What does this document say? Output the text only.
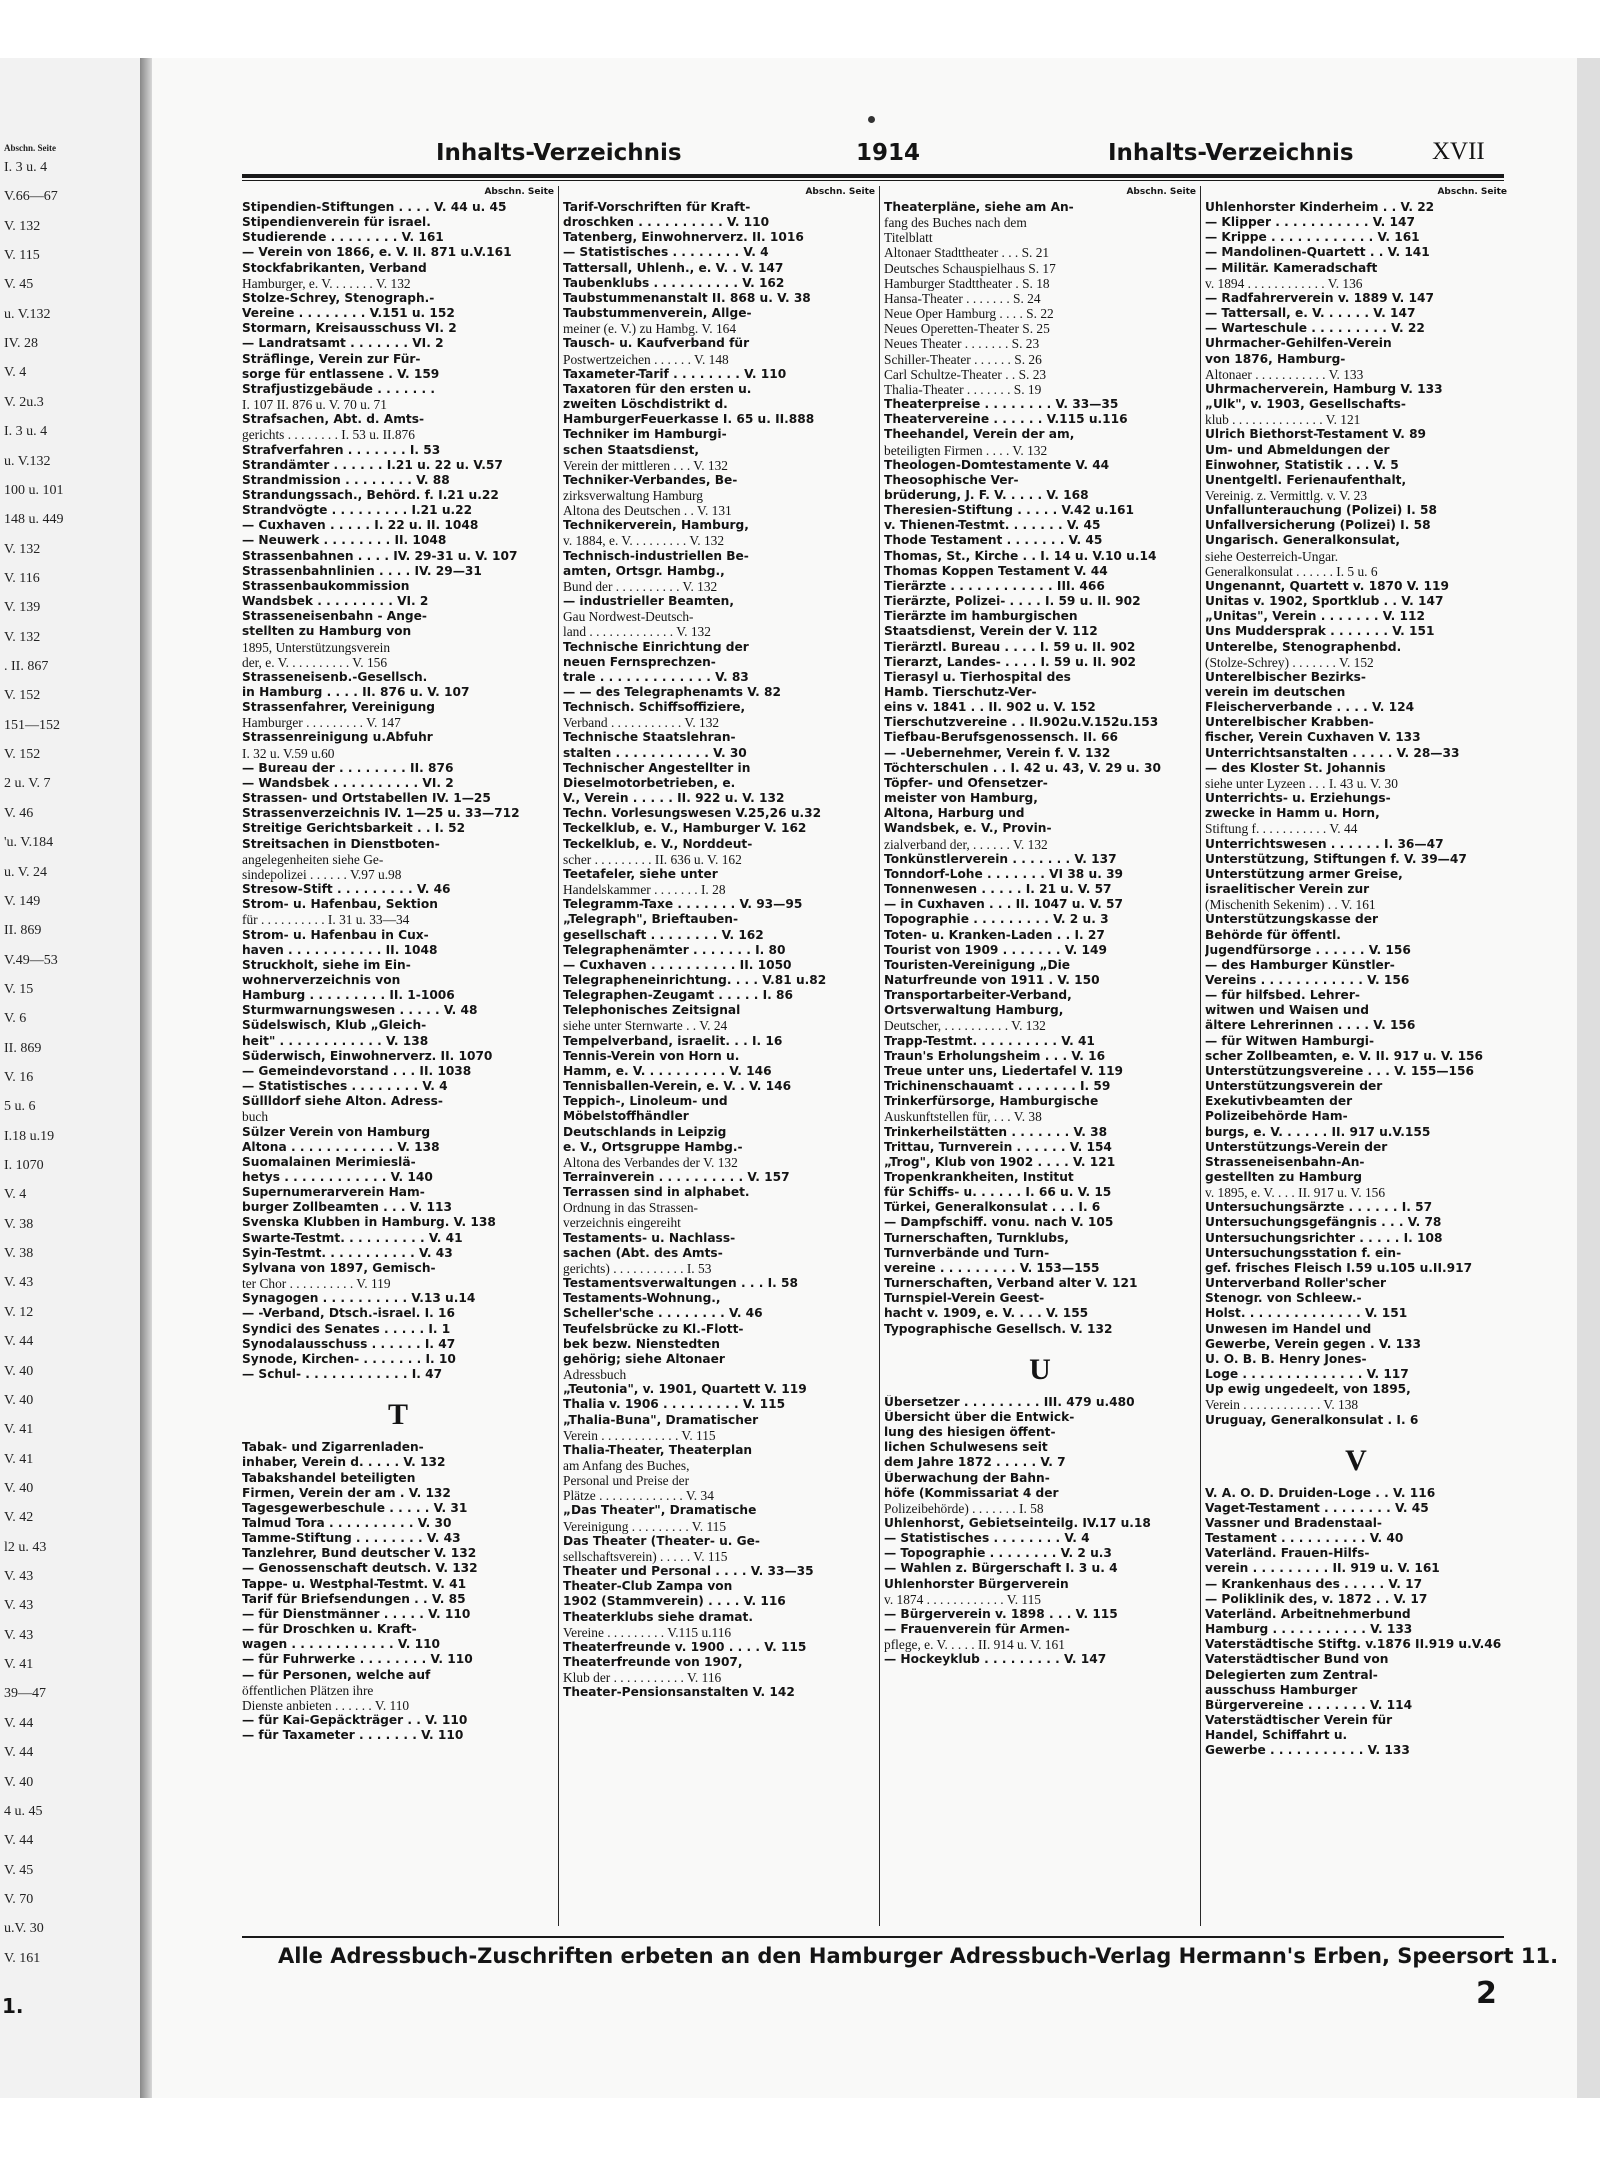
Abschn. Seite
I. 3 u. 4
V.66—67
V. 132
V. 115
V. 45
u. V.132
IV. 28
V. 4
V. 2u.3
I. 3 u. 4
u. V.132
100 u. 101
148 u. 449
V. 132
V. 116
V. 139
V. 132
. II. 867
V. 152
151—152
V. 152
2 u. V. 7
V. 46
'u. V.184
u. V. 24
V. 149
II. 869
V.49—53
V. 15
V. 6
II. 869
V. 16
5 u. 6
I.18 u.19
I. 1070
V. 4
V. 38
V. 38
V. 43
V. 12
V. 44
V. 40
V. 40
V. 41
V. 41
V. 40
V. 42
l2 u. 43
V. 43
V. 43
V. 43
V. 41
39—47
V. 44
V. 44
V. 40
4 u. 45
V. 44
V. 45
V. 70
u.V. 30
V. 161
1.
Inhalts-Verzeichnis	1914	Inhalts-Verzeichnis	XVII
Abschn. Seite
Stipendien-Stiftungen . . . . V. 44 u. 45
Stipendienverein für israel.
Studierende . . . . . . . . V. 161
— Verein von 1866, e. V. II. 871 u.V.161
Stockfabrikanten, Verband
Hamburger, e. V. . . . . . . V. 132
Stolze-Schrey, Stenograph.-
Vereine . . . . . . . . V.151 u. 152
Stormarn, Kreisausschuss VI. 2
— Landratsamt . . . . . . . VI. 2
Sträflinge, Verein zur Für-
sorge für entlassene . V. 159
Strafjustizgebäude . . . . . . .
I. 107 II. 876 u. V. 70 u. 71
Strafsachen, Abt. d. Amts-
gerichts . . . . . . . . I. 53 u. II.876
Strafverfahren . . . . . . . I. 53
Strandämter . . . . . . I.21 u. 22 u. V.57
Strandmission . . . . . . . . V. 88
Strandungssach., Behörd. f. I.21 u.22
Strandvögte . . . . . . . . . I.21 u.22
— Cuxhaven . . . . . I. 22 u. II. 1048
— Neuwerk . . . . . . . . II. 1048
Strassenbahnen . . . . IV. 29-31 u. V. 107
Strassenbahnlinien . . . . IV. 29—31
Strassenbaukommission
Wandsbek . . . . . . . . . VI. 2
Strasseneisenbahn - Ange-
stellten zu Hamburg von
1895, Unterstützungsverein
der, e. V. . . . . . . . . . V. 156
Strasseneisenb.-Gesellsch.
in Hamburg . . . . II. 876 u. V. 107
Strassenfahrer, Vereinigung
Hamburger . . . . . . . . . V. 147
Strassenreinigung u.Abfuhr
I. 32 u. V.59 u.60
— Bureau der . . . . . . . . II. 876
— Wandsbek . . . . . . . . . . VI. 2
Strassen- und Ortstabellen IV. 1—25
Strassenverzeichnis IV. 1—25 u. 33—712
Streitige Gerichtsbarkeit . . I. 52
Streitsachen in Dienstboten-
angelegenheiten siehe Ge-
sindepolizei . . . . . . V.97 u.98
Stresow-Stift . . . . . . . . . V. 46
Strom- u. Hafenbau, Sektion
für . . . . . . . . . . I. 31 u. 33—34
Strom- u. Hafenbau in Cux-
haven . . . . . . . . . . . II. 1048
Struckholt, siehe im Ein-
wohnerverzeichnis von
Hamburg . . . . . . . . . II. 1-1006
Sturmwarnungswesen . . . . . V. 48
Südelswisch, Klub „Gleich-
heit" . . . . . . . . . . . . V. 138
Süderwisch, Einwohnerverz. II. 1070
— Gemeindevorstand . . . II. 1038
— Statistisches . . . . . . . . V. 4
Süllldorf siehe Alton. Adress-
buch
Sülzer Verein von Hamburg
Altona . . . . . . . . . . . . V. 138
Suomalainen Merimieslä-
hetys . . . . . . . . . . . . V. 140
Supernumerarverein Ham-
burger Zollbeamten . . . V. 113
Svenska Klubben in Hamburg. V. 138
Swarte-Testmt. . . . . . . . . . V. 41
Syin-Testmt. . . . . . . . . . . V. 43
Sylvana von 1897, Gemisch-
ter Chor . . . . . . . . . . V. 119
Synagogen . . . . . . . . . . V.13 u.14
— -Verband, Dtsch.-israel. I. 16
Syndici des Senates . . . . . I. 1
Synodalausschuss . . . . . . I. 47
Synode, Kirchen- . . . . . . . I. 10
— Schul- . . . . . . . . . . . . I. 47
T
Tabak- und Zigarrenladen-
inhaber, Verein d. . . . . V. 132
Tabakshandel beteiligten
Firmen, Verein der am . V. 132
Tagesgewerbeschule . . . . . V. 31
Talmud Tora . . . . . . . . . . V. 30
Tamme-Stiftung . . . . . . . . V. 43
Tanzlehrer, Bund deutscher V. 132
— Genossenschaft deutsch. V. 132
Tappe- u. Westphal-Testmt. V. 41
Tarif für Briefsendungen . . V. 85
— für Dienstmänner . . . . . V. 110
— für Droschken u. Kraft-
wagen . . . . . . . . . . . . V. 110
— für Fuhrwerke . . . . . . . . V. 110
— für Personen, welche auf
öffentlichen Plätzen ihre
Dienste anbieten . . . . . . V. 110
— für Kai-Gepäckträger . . V. 110
— für Taxameter . . . . . . . V. 110
Abschn. Seite
Tarif-Vorschriften für Kraft-
droschken . . . . . . . . . . V. 110
Tatenberg, Einwohnerverz. II. 1016
— Statistisches . . . . . . . . V. 4
Tattersall, Uhlenh., e. V. . V. 147
Taubenklubs . . . . . . . . . . V. 162
Taubstummenanstalt II. 868 u. V. 38
Taubstummenverein, Allge-
meiner (e. V.) zu Hambg. V. 164
Tausch- u. Kaufverband für
Postwertzeichen . . . . . . V. 148
Taxameter-Tarif . . . . . . . . V. 110
Taxatoren für den ersten u.
zweiten Löschdistrikt d.
HamburgerFeuerkasse I. 65 u. II.888
Techniker im Hamburgi-
schen Staatsdienst,
Verein der mittleren . . . V. 132
Techniker-Verbandes, Be-
zirksverwaltung Hamburg
Altona des Deutschen . . V. 131
Technikerverein, Hamburg,
v. 1884, e. V. . . . . . . . . V. 132
Technisch-industriellen Be-
amten, Ortsgr. Hambg.,
Bund der . . . . . . . . . . V. 132
— industrieller Beamten,
Gau Nordwest-Deutsch-
land . . . . . . . . . . . . . V. 132
Technische Einrichtung der
neuen Fernsprechzen-
trale . . . . . . . . . . . . . V. 83
— — des Telegraphenamts V. 82
Technisch. Schiffsoffiziere,
Verband . . . . . . . . . . . V. 132
Technische Staatslehran-
stalten . . . . . . . . . . . V. 30
Technischer Angestellter in
Dieselmotorbetrieben, e.
V., Verein . . . . . II. 922 u. V. 132
Techn. Vorlesungswesen V.25,26 u.32
Teckelklub, e. V., Hamburger V. 162
Teckelklub, e. V., Norddeut-
scher . . . . . . . . . II. 636 u. V. 162
Teetafeler, siehe unter
Handelskammer . . . . . . . I. 28
Telegramm-Taxe . . . . . . . V. 93—95
„Telegraph", Brieftauben-
gesellschaft . . . . . . . . V. 162
Telegraphenämter . . . . . . . I. 80
— Cuxhaven . . . . . . . . . . II. 1050
Telegrapheneinrichtung. . . . V.81 u.82
Telegraphen-Zeugamt . . . . . I. 86
Telephonisches Zeitsignal
siehe unter Sternwarte . . V. 24
Tempelverband, israelit. . . I. 16
Tennis-Verein von Horn u.
Hamm, e. V. . . . . . . . . . V. 146
Tennisballen-Verein, e. V. . V. 146
Teppich-, Linoleum- und
Möbelstoffhändler
Deutschlands in Leipzig
e. V., Ortsgruppe Hambg.-
Altona des Verbandes der V. 132
Terrainverein . . . . . . . . . . V. 157
Terrassen sind in alphabet.
Ordnung in das Strassen-
verzeichnis eingereiht
Testaments- u. Nachlass-
sachen (Abt. des Amts-
gerichts) . . . . . . . . . . . I. 53
Testamentsverwaltungen . . . I. 58
Testaments-Wohnung.,
Scheller'sche . . . . . . . . V. 46
Teufelsbrücke zu Kl.-Flott-
bek bezw. Nienstedten
gehörig; siehe Altonaer
Adressbuch
„Teutonia", v. 1901, Quartett V. 119
Thalia v. 1906 . . . . . . . . . V. 115
„Thalia-Buna", Dramatischer
Verein . . . . . . . . . . . . V. 115
Thalia-Theater, Theaterplan
am Anfang des Buches,
Personal und Preise der
Plätze . . . . . . . . . . . . . V. 34
„Das Theater", Dramatische
Vereinigung . . . . . . . . . V. 115
Das Theater (Theater- u. Ge-
sellschaftsverein) . . . . . V. 115
Theater und Personal . . . . V. 33—35
Theater-Club Zampa von
1902 (Stammverein) . . . . V. 116
Theaterklubs siehe dramat.
Vereine . . . . . . . . . V.115 u.116
Theaterfreunde v. 1900 . . . . V. 115
Theaterfreunde von 1907,
Klub der . . . . . . . . . . . V. 116
Theater-Pensionsanstalten V. 142
Abschn. Seite
Theaterpläne, siehe am An-
fang des Buches nach dem
Titelblatt
Altonaer Stadttheater . . . S. 21
Deutsches Schauspielhaus S. 17
Hamburger Stadttheater . S. 18
Hansa-Theater . . . . . . . S. 24
Neue Oper Hamburg . . . . S. 22
Neues Operetten-Theater S. 25
Neues Theater . . . . . . . S. 23
Schiller-Theater . . . . . . S. 26
Carl Schultze-Theater . . S. 23
Thalia-Theater . . . . . . . S. 19
Theaterpreise . . . . . . . . V. 33—35
Theatervereine . . . . . . V.115 u.116
Theehandel, Verein der am,
beteiligten Firmen . . . . V. 132
Theologen-Domtestamente V. 44
Theosophische Ver-
brüderung, J. F. V. . . . . V. 168
Theresien-Stiftung . . . . . V.42 u.161
v. Thienen-Testmt. . . . . . . V. 45
Thode Testament . . . . . . . V. 45
Thomas, St., Kirche . . I. 14 u. V.10 u.14
Thomas Koppen Testament V. 44
Tierärzte . . . . . . . . . . . . III. 466
Tierärzte, Polizei- . . . . I. 59 u. II. 902
Tierärzte im hamburgischen
Staatsdienst, Verein der V. 112
Tierärztl. Bureau . . . . I. 59 u. II. 902
Tierarzt, Landes- . . . . I. 59 u. II. 902
Tierasyl u. Tierhospital des
Hamb. Tierschutz-Ver-
eins v. 1841 . . II. 902 u. V. 152
Tierschutzvereine . . II.902u.V.152u.153
Tiefbau-Berufsgenossensch. II. 66
— -Uebernehmer, Verein f. V. 132
Töchterschulen . . I. 42 u. 43, V. 29 u. 30
Töpfer- und Ofensetzer-
meister von Hamburg,
Altona, Harburg und
Wandsbek, e. V., Provin-
zialverband der, . . . . . . V. 132
Tonkünstlerverein . . . . . . . V. 137
Tonndorf-Lohe . . . . . . . VI 38 u. 39
Tonnenwesen . . . . . I. 21 u. V. 57
— in Cuxhaven . . . II. 1047 u. V. 57
Topographie . . . . . . . . . V. 2 u. 3
Toten- u. Kranken-Laden . . I. 27
Tourist von 1909 . . . . . . . V. 149
Touristen-Vereinigung „Die
Naturfreunde von 1911 . V. 150
Transportarbeiter-Verband,
Ortsverwaltung Hamburg,
Deutscher, . . . . . . . . . . V. 132
Trapp-Testmt. . . . . . . . . . V. 41
Traun's Erholungsheim . . . V. 16
Treue unter uns, Liedertafel V. 119
Trichinenschauamt . . . . . . . I. 59
Trinkerfürsorge, Hamburgische
Auskunftstellen für, . . . V. 38
Trinkerheilstätten . . . . . . . V. 38
Trittau, Turnverein . . . . . . V. 154
„Trog", Klub von 1902 . . . . V. 121
Tropenkrankheiten, Institut
für Schiffs- u. . . . . . I. 66 u. V. 15
Türkei, Generalkonsulat . . . I. 6
— Dampfschiff. vonu. nach V. 105
Turnerschaften, Turnklubs,
Turnverbände und Turn-
vereine . . . . . . . . . V. 153—155
Turnerschaften, Verband alter V. 121
Turnspiel-Verein Geest-
hacht v. 1909, e. V. . . . V. 155
Typographische Gesellsch. V. 132
U
Übersetzer . . . . . . . . . III. 479 u.480
Übersicht über die Entwick-
lung des hiesigen öffent-
lichen Schulwesens seit
dem Jahre 1872 . . . . . V. 7
Überwachung der Bahn-
höfe (Kommissariat 4 der
Polizeibehörde) . . . . . . . I. 58
Uhlenhorst, Gebietseinteilg. IV.17 u.18
— Statistisches . . . . . . . . V. 4
— Topographie . . . . . . . . V. 2 u.3
— Wahlen z. Bürgerschaft I. 3 u. 4
Uhlenhorster Bürgerverein
v. 1874 . . . . . . . . . . . . V. 115
— Bürgerverein v. 1898 . . . V. 115
— Frauenverein für Armen-
pflege, e. V. . . . . II. 914 u. V. 161
— Hockeyklub . . . . . . . . . V. 147
Abschn. Seite
Uhlenhorster Kinderheim . . V. 22
— Klipper . . . . . . . . . . . V. 147
— Krippe . . . . . . . . . . . . V. 161
— Mandolinen-Quartett . . V. 141
— Militär. Kameradschaft
v. 1894 . . . . . . . . . . . . V. 136
— Radfahrerverein v. 1889 V. 147
— Tattersall, e. V. . . . . . V. 147
— Warteschule . . . . . . . . . V. 22
Uhrmacher-Gehilfen-Verein
von 1876, Hamburg-
Altonaer . . . . . . . . . . . V. 133
Uhrmacherverein, Hamburg V. 133
„Ulk", v. 1903, Gesellschafts-
klub . . . . . . . . . . . . . . V. 121
Ulrich Biethorst-Testament V. 89
Um- und Abmeldungen der
Einwohner, Statistik . . . V. 5
Unentgeltl. Ferienaufenthalt,
Vereinig. z. Vermittlg. v. V. 23
Unfallunterauchung (Polizei) I. 58
Unfallversicherung (Polizei) I. 58
Ungarisch. Generalkonsulat,
siehe Oesterreich-Ungar.
Generalkonsulat . . . . . . I. 5 u. 6
Ungenannt, Quartett v. 1870 V. 119
Unitas v. 1902, Sportklub . . V. 147
„Unitas", Verein . . . . . . . V. 112
Uns Muddersprak . . . . . . . V. 151
Unterelbe, Stenographenbd.
(Stolze-Schrey) . . . . . . . V. 152
Unterelbischer Bezirks-
verein im deutschen
Fleischerverbande . . . . V. 124
Unterelbischer Krabben-
fischer, Verein Cuxhaven V. 133
Unterrichtsanstalten . . . . . V. 28—33
— des Kloster St. Johannis
siehe unter Lyzeen . . . I. 43 u. V. 30
Unterrichts- u. Erziehungs-
zwecke in Hamm u. Horn,
Stiftung f. . . . . . . . . . . V. 44
Unterrichtswesen . . . . . . I. 36—47
Unterstützung, Stiftungen f. V. 39—47
Unterstützung armer Greise,
israelitischer Verein zur
(Mischenith Sekenim) . . V. 161
Unterstützungskasse der
Behörde für öffentl.
Jugendfürsorge . . . . . . V. 156
— des Hamburger Künstler-
Vereins . . . . . . . . . . . . V. 156
— für hilfsbed. Lehrer-
witwen und Waisen und
ältere Lehrerinnen . . . . V. 156
— für Witwen Hamburgi-
scher Zollbeamten, e. V. II. 917 u. V. 156
Unterstützungsvereine . . . V. 155—156
Unterstützungsverein der
Exekutivbeamten der
Polizeibehörde Ham-
burgs, e. V. . . . . . II. 917 u.V.155
Unterstützungs-Verein der
Strasseneisenbahn-An-
gestellten zu Hamburg
v. 1895, e. V. . . . II. 917 u. V. 156
Untersuchungsärzte . . . . . . I. 57
Untersuchungsgefängnis . . . V. 78
Untersuchungsrichter . . . . . I. 108
Untersuchungsstation f. ein-
gef. frisches Fleisch I.59 u.105 u.II.917
Unterverband Roller'scher
Stenogr. von Schleew.-
Holst. . . . . . . . . . . . . . V. 151
Unwesen im Handel und
Gewerbe, Verein gegen . V. 133
U. O. B. B. Henry Jones-
Loge . . . . . . . . . . . . . . V. 117
Up ewig ungedeelt, von 1895,
Verein . . . . . . . . . . . . V. 138
Uruguay, Generalkonsulat . I. 6
V
V. A. O. D. Druiden-Loge . . V. 116
Vaget-Testament . . . . . . . . V. 45
Vassner und Bradenstaal-
Testament . . . . . . . . . . V. 40
Vaterländ. Frauen-Hilfs-
verein . . . . . . . . . II. 919 u. V. 161
— Krankenhaus des . . . . . V. 17
— Poliklinik des, v. 1872 . . V. 17
Vaterländ. Arbeitnehmerbund
Hamburg . . . . . . . . . . . V. 133
Vaterstädtische Stiftg. v.1876 II.919 u.V.46
Vaterstädtischer Bund von
Delegierten zum Zentral-
ausschuss Hamburger
Bürgervereine . . . . . . . V. 114
Vaterstädtischer Verein für
Handel, Schiffahrt u.
Gewerbe . . . . . . . . . . . V. 133
Alle Adressbuch-Zuschriften erbeten an den Hamburger Adressbuch-Verlag Hermann's Erben, Speersort 11.
2
